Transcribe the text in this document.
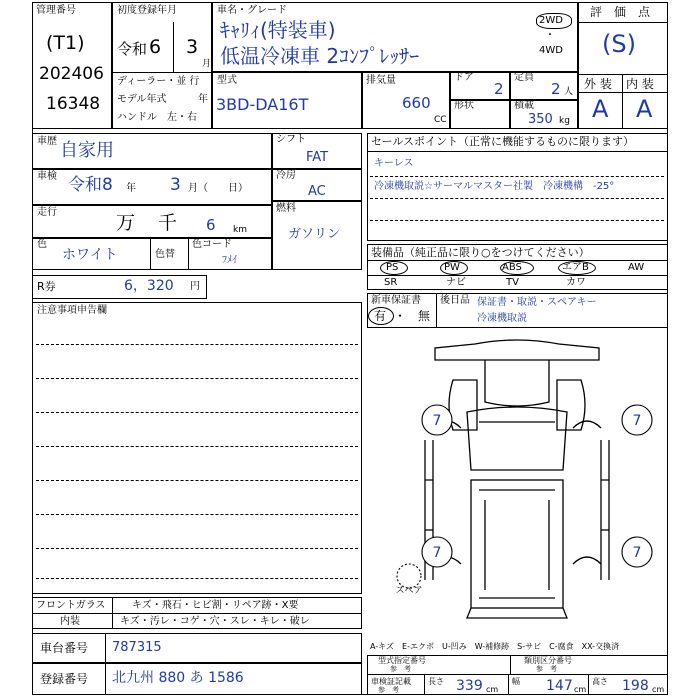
管理番号
(T1)
202406
16348
初度登録年月
令和 6 3
月
ディーラー・並 行
モデル年式	年
ハンドル　左・右
車名・グレード
ｷｬﾘｨ(特装車)
低温冷凍車 2ｺﾝﾌﾟﾚｯｻｰ
2WD
・
4WD
評　価　点
(S)
外 装 内 装
A A
型式
3BD-DA16T
排気量
660
CC
ドア
2
定員
2 人
形状	積載
350 kg
車歴 自家用
車検 令和8 年 3 月（　　日）
走行	万 千 6 km
色
ホワイト	色替
色コード
ﾌﾒｲ
シフト
FAT
冷房
AC
燃料
ガソリン
R券	6，320 円
注意事項申告欄
セールスポイント（正常に機能するものに限ります）
キーレス
冷凍機取説☆サーマルマスター社製　冷凍機構　-25°
装備品（純正品に限り○をつけてください）
PS	PW	ABS	エアB	AW
SR	ナビ	TV	カワ
新車保証書
有 ・ 無
後日品 保証書・取説・スペアキー
冷凍機取説
7	7
7	7
スペア
フロントガラス	キズ・飛石・ヒビ割・リペア跡・X要
内装	キズ・汚レ・コゲ・穴・スレ・キレ・破レ
車台番号 787315
登録番号 北九州 880 あ 1586
A-キズ　E-エクボ　U-凹み　W-補修跡　S-サビ　C-腐食　XX-交換済
型式指定番号
参　考
類別区分番号
参　考
車検証記載
参　考
長さ 339 cm
幅 147 cm
高さ 198 cm
